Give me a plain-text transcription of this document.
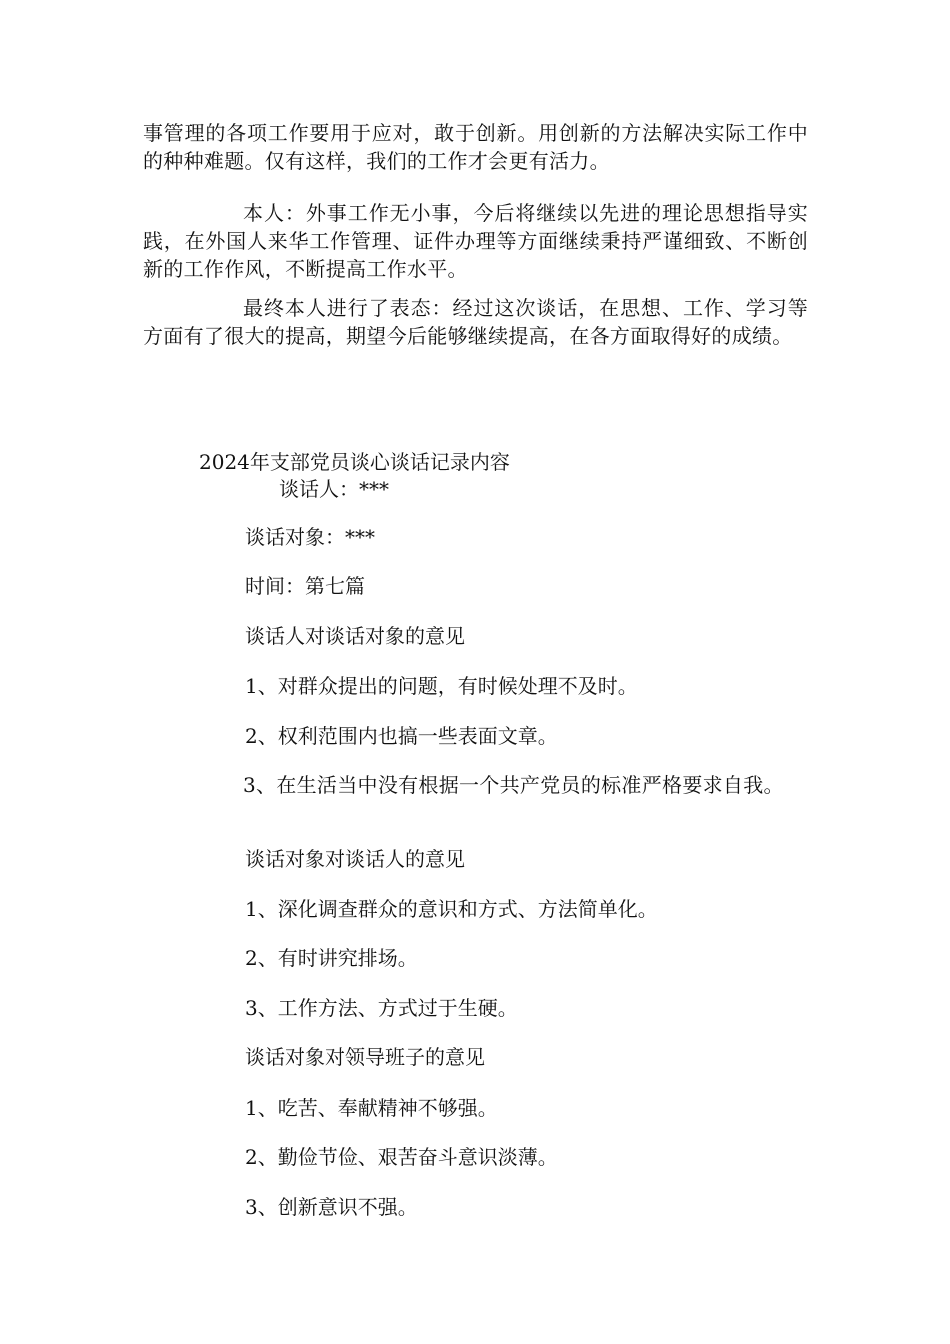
事管理的各项工作要用于应对，敢于创新。用创新的方法解决实际工作中的种种难题。仅有这样，我们的工作才会更有活力。
本人：外事工作无小事，今后将继续以先进的理论思想指导实践，在外国人来华工作管理、证件办理等方面继续秉持严谨细致、不断创新的工作作风，不断提高工作水平。
最终本人进行了表态：经过这次谈话，在思想、工作、学习等方面有了很大的提高，期望今后能够继续提高，在各方面取得好的成绩。
2024年支部党员谈心谈话记录内容
谈话人：***
谈话对象：***
时间：第七篇
谈话人对谈话对象的意见
1、对群众提出的问题，有时候处理不及时。
2、权利范围内也搞一些表面文章。
3、在生活当中没有根据一个共产党员的标准严格要求自我。
谈话对象对谈话人的意见
1、深化调查群众的意识和方式、方法简单化。
2、有时讲究排场。
3、工作方法、方式过于生硬。
谈话对象对领导班子的意见
1、吃苦、奉献精神不够强。
2、勤俭节俭、艰苦奋斗意识淡薄。
3、创新意识不强。
